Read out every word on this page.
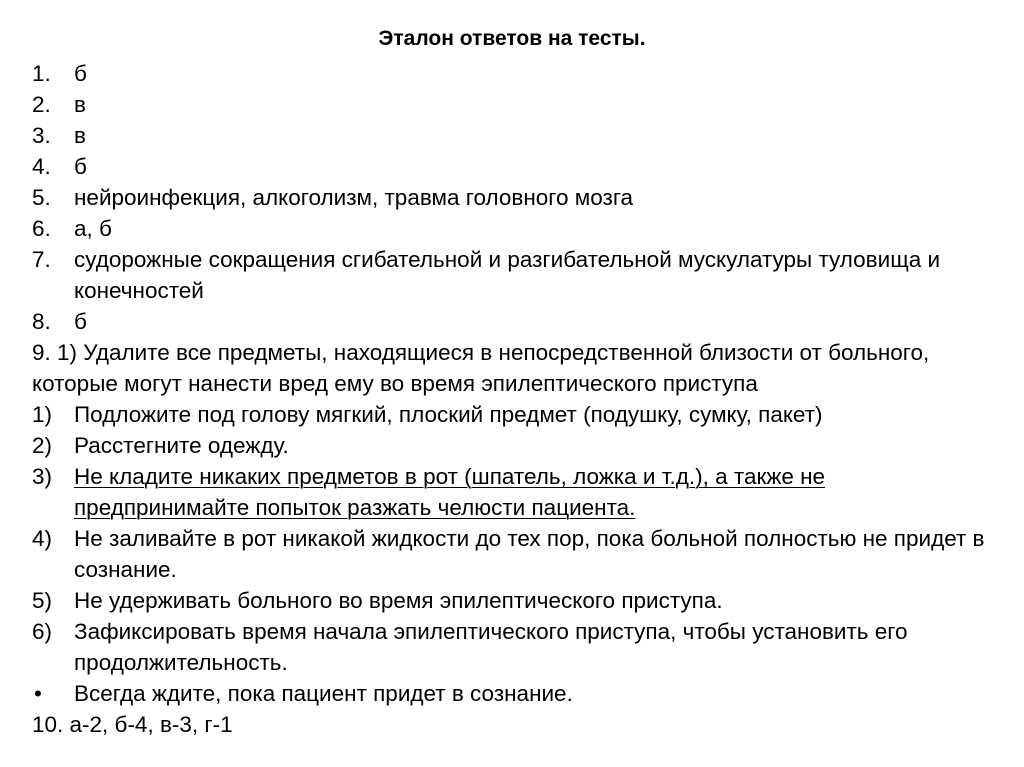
Эталон ответов на тесты.
1.	б
2.	в
3.	в
4.	б
5.	нейроинфекция, алкоголизм, травма головного мозга
6.	а, б
7.	судорожные сокращения сгибательной и разгибательной мускулатуры туловища и конечностей
8.	б
9. 1) Удалите все предметы, находящиеся в непосредственной близости от больного, которые могут нанести вред ему во время эпилептического приступа
1) Подложите под голову мягкий, плоский предмет (подушку, сумку, пакет)
2) Расстегните одежду.
3) Не кладите никаких предметов в рот (шпатель, ложка и т.д.), а также не предпринимайте попыток разжать челюсти пациента.
4) Не заливайте в рот никакой жидкости до тех пор, пока больной полностью не придет в сознание.
5) Не удерживать больного во время эпилептического приступа.
6) Зафиксировать время начала эпилептического приступа, чтобы установить его продолжительность.
•	Всегда ждите, пока пациент придет в сознание.
10. а-2, б-4, в-3, г-1
